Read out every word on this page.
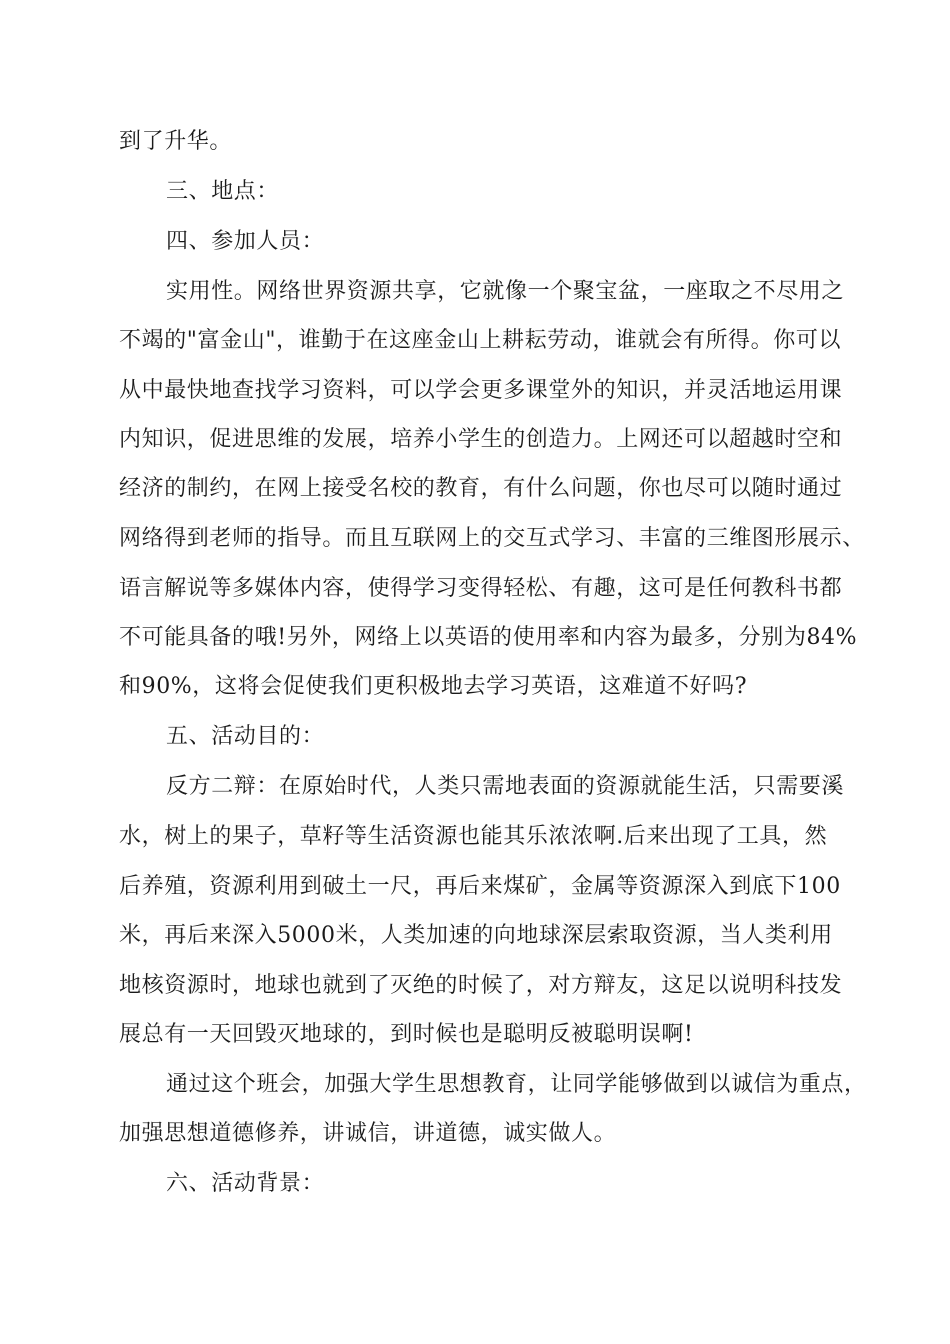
到了升华。

三、地点：

四、参加人员：

实用性。网络世界资源共享，它就像一个聚宝盆，一座取之不尽用之

不竭的"富金山"，谁勤于在这座金山上耕耘劳动，谁就会有所得。你可以

从中最快地查找学习资料，可以学会更多课堂外的知识，并灵活地运用课

内知识，促进思维的发展，培养小学生的创造力。上网还可以超越时空和

经济的制约，在网上接受名校的教育，有什么问题，你也尽可以随时通过

网络得到老师的指导。而且互联网上的交互式学习、丰富的三维图形展示、

语言解说等多媒体内容，使得学习变得轻松、有趣，这可是任何教科书都

不可能具备的哦!另外，网络上以英语的使用率和内容为最多，分别为84%

和90%，这将会促使我们更积极地去学习英语，这难道不好吗?

五、活动目的：

反方二辩：在原始时代，人类只需地表面的资源就能生活，只需要溪

水，树上的果子，草籽等生活资源也能其乐浓浓啊.后来出现了工具，然

后养殖，资源利用到破土一尺，再后来煤矿，金属等资源深入到底下100

米，再后来深入5000米，人类加速的向地球深层索取资源，当人类利用

地核资源时，地球也就到了灭绝的时候了，对方辩友，这足以说明科技发

展总有一天回毁灭地球的，到时候也是聪明反被聪明误啊!

通过这个班会，加强大学生思想教育，让同学能够做到以诚信为重点，

加强思想道德修养，讲诚信，讲道德，诚实做人。

六、活动背景：
